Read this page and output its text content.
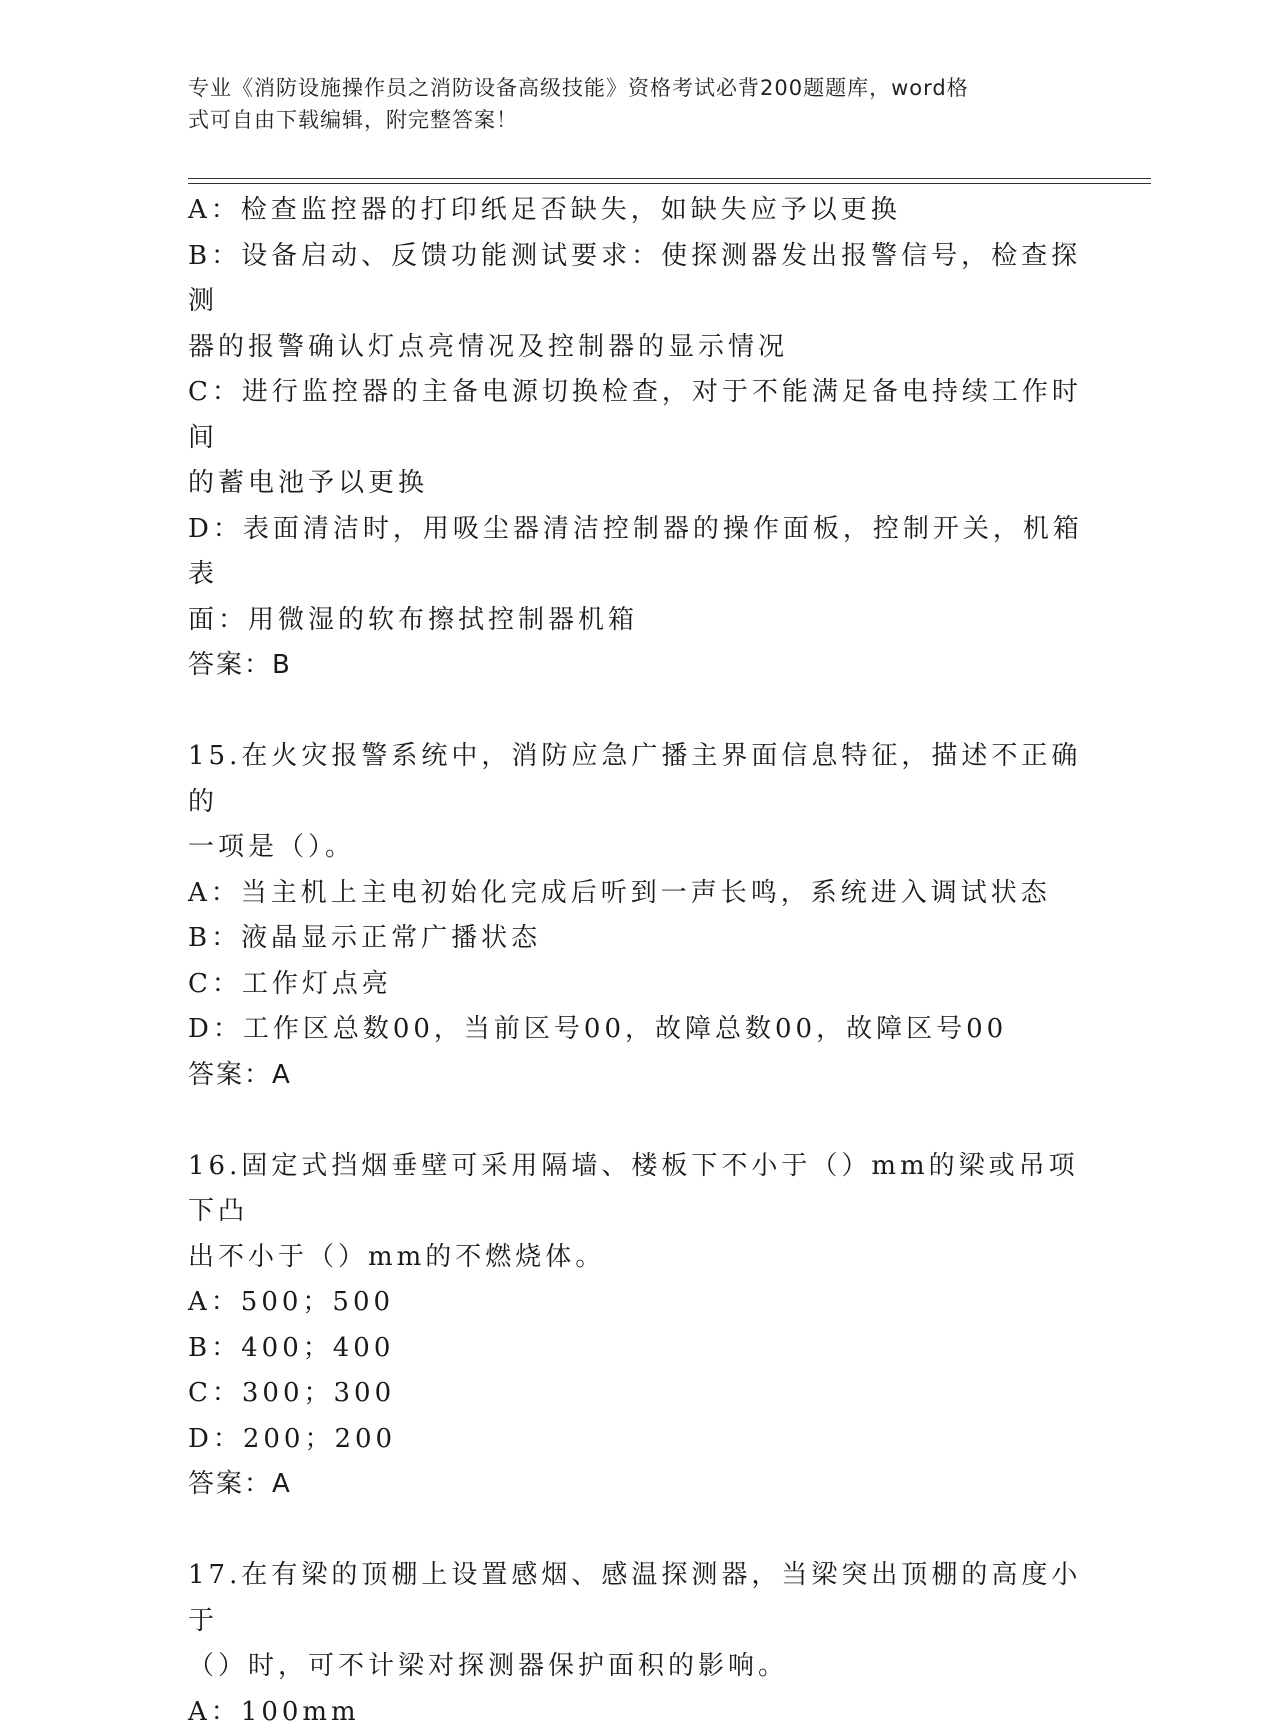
专业《消防设施操作员之消防设备高级技能》资格考试必背200题题库，word格
式可自由下载编辑，附完整答案！

A：检查监控器的打印纸足否缺失，如缺失应予以更换

B：设备启动、反馈功能测试要求：使探测器发出报警信号，检查探测

器的报警确认灯点亮情况及控制器的显示情况

C：进行监控器的主备电源切换检查，对于不能满足备电持续工作时间

的蓄电池予以更换

D：表面清洁时，用吸尘器清洁控制器的操作面板，控制开关，机箱表

面：用微湿的软布擦拭控制器机箱

答案：B

15.在火灾报警系统中，消防应急广播主界面信息特征，描述不正确的

一项是（）。

A：当主机上主电初始化完成后听到一声长鸣，系统进入调试状态

B：液晶显示正常广播状态

C：工作灯点亮

D：工作区总数00，当前区号00，故障总数00，故障区号00

答案：A

16.固定式挡烟垂壁可采用隔墙、楼板下不小于（）mm的梁或吊项下凸

出不小于（）mm的不燃烧体。

A：500；500

B：400；400

C：300；300

D：200；200

答案：A

17.在有梁的顶棚上设置感烟、感温探测器，当梁突出顶棚的高度小于

（）时，可不计梁对探测器保护面积的影响。

A：100mm
